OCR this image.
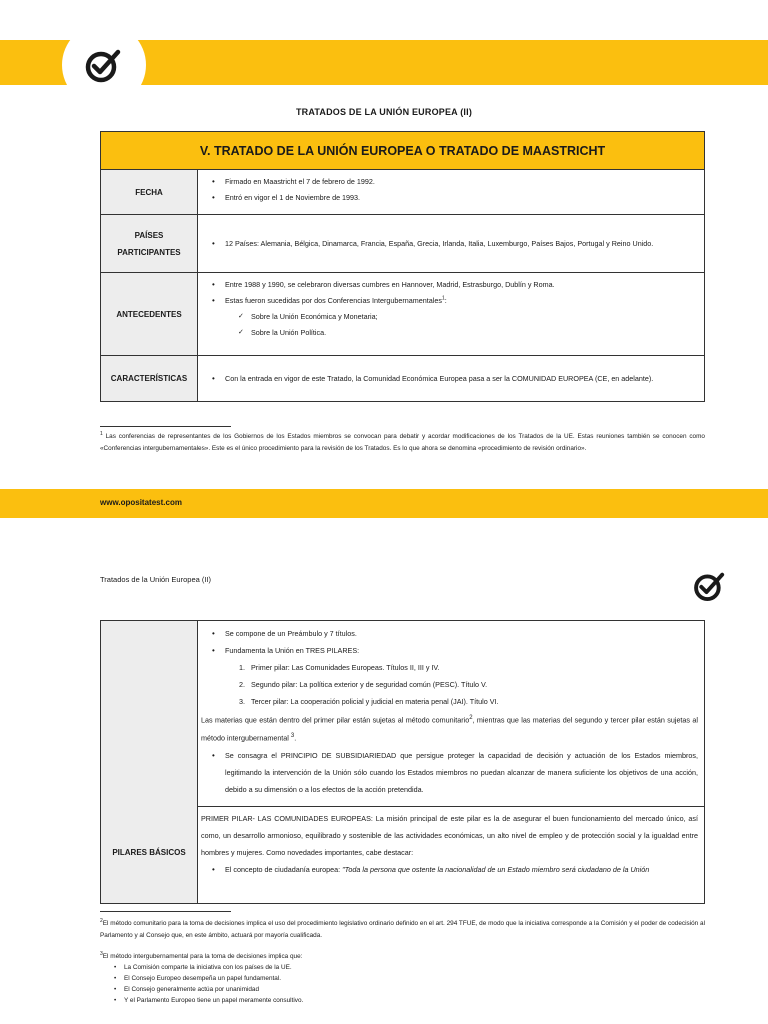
TRATADOS DE LA UNIÓN EUROPEA (II)
V. TRATADO DE LA UNIÓN EUROPEA O TRATADO DE MAASTRICHT
FECHA
• Firmado en Maastricht el 7 de febrero de 1992.
• Entró en vigor el 1 de Noviembre de 1993.
PAÍSES PARTICIPANTES
• 12 Países: Alemania, Bélgica, Dinamarca, Francia, España, Grecia, Irlanda, Italia, Luxemburgo, Países Bajos, Portugal y Reino Unido.
ANTECEDENTES
• Entre 1988 y 1990, se celebraron diversas cumbres en Hannover, Madrid, Estrasburgo, Dublín y Roma.
• Estas fueron sucedidas por dos Conferencias Intergubernamentales$^1$:
✓ Sobre la Unión Económica y Monetaria;
✓ Sobre la Unión Política.
CARACTERÍSTICAS
•	Con la entrada en vigor de este Tratado, la Comunidad Económica Europea pasa a ser la COMUNIDAD EUROPEA (CE, en adelante).
$^1$ Las conferencias de representantes de los Gobiernos de los Estados miembros se convocan para debatir y acordar modificaciones de los Tratados de la UE. Estas reuniones también se conocen como «Conferencias intergubernamentales». Este es el único procedimiento para la revisión de los Tratados. Es lo que ahora se denomina «procedimiento de revisión ordinario».
www.opositatest.com
Tratados de la Unión Europea (II)
PILARES BÁSICOS
• Se compone de un Preámbulo y 7 títulos.
• Fundamenta la Unión en TRES PILARES:
1. Primer pilar: Las Comunidades Europeas. Títulos II, III y IV.
2. Segundo pilar: La política exterior y de seguridad común (PESC). Título V.
3. Tercer pilar: La cooperación policial y judicial en materia penal (JAI). Título VI.

Las materias que están dentro del primer pilar están sujetas al método comunitario$^2$, mientras que las materias del segundo y tercer pilar están sujetas al método intergubernamental $^3$.

• Se consagra el PRINCIPIO DE SUBSIDIARIEDAD que persigue proteger la capacidad de decisión y actuación de los Estados miembros, legitimando la intervención de la Unión sólo cuando los Estados miembros no puedan alcanzar de manera suficiente los objetivos de una acción, debido a su dimensión o a los efectos de la acción pretendida.

PRIMER PILAR- LAS COMUNIDADES EUROPEAS: La misión principal de este pilar es la de asegurar el buen funcionamiento del mercado único, así como, un desarrollo armonioso, equilibrado y sostenible de las actividades económicas, un alto nivel de empleo y de protección social y la igualdad entre hombres y mujeres. Como novedades importantes, cabe destacar:

• El concepto de ciudadanía europea: "Toda la persona que ostente la nacionalidad de un Estado miembro será ciudadano de la Unión
$^2$El método comunitario para la toma de decisiones implica el uso del procedimiento legislativo ordinario definido en el art. 294 TFUE, de modo que la iniciativa corresponde a la Comisión y el poder de codecisión al Parlamento y al Consejo que, en este ámbito, actuará por mayoría cualificada.
$^3$El método intergubernamental para la toma de decisiones implica que:
• La Comisión comparte la iniciativa con los países de la UE.
• El Consejo Europeo desempeña un papel fundamental.
• El Consejo generalmente actúa por unanimidad
• Y el Parlamento Europeo tiene un papel meramente consultivo.
